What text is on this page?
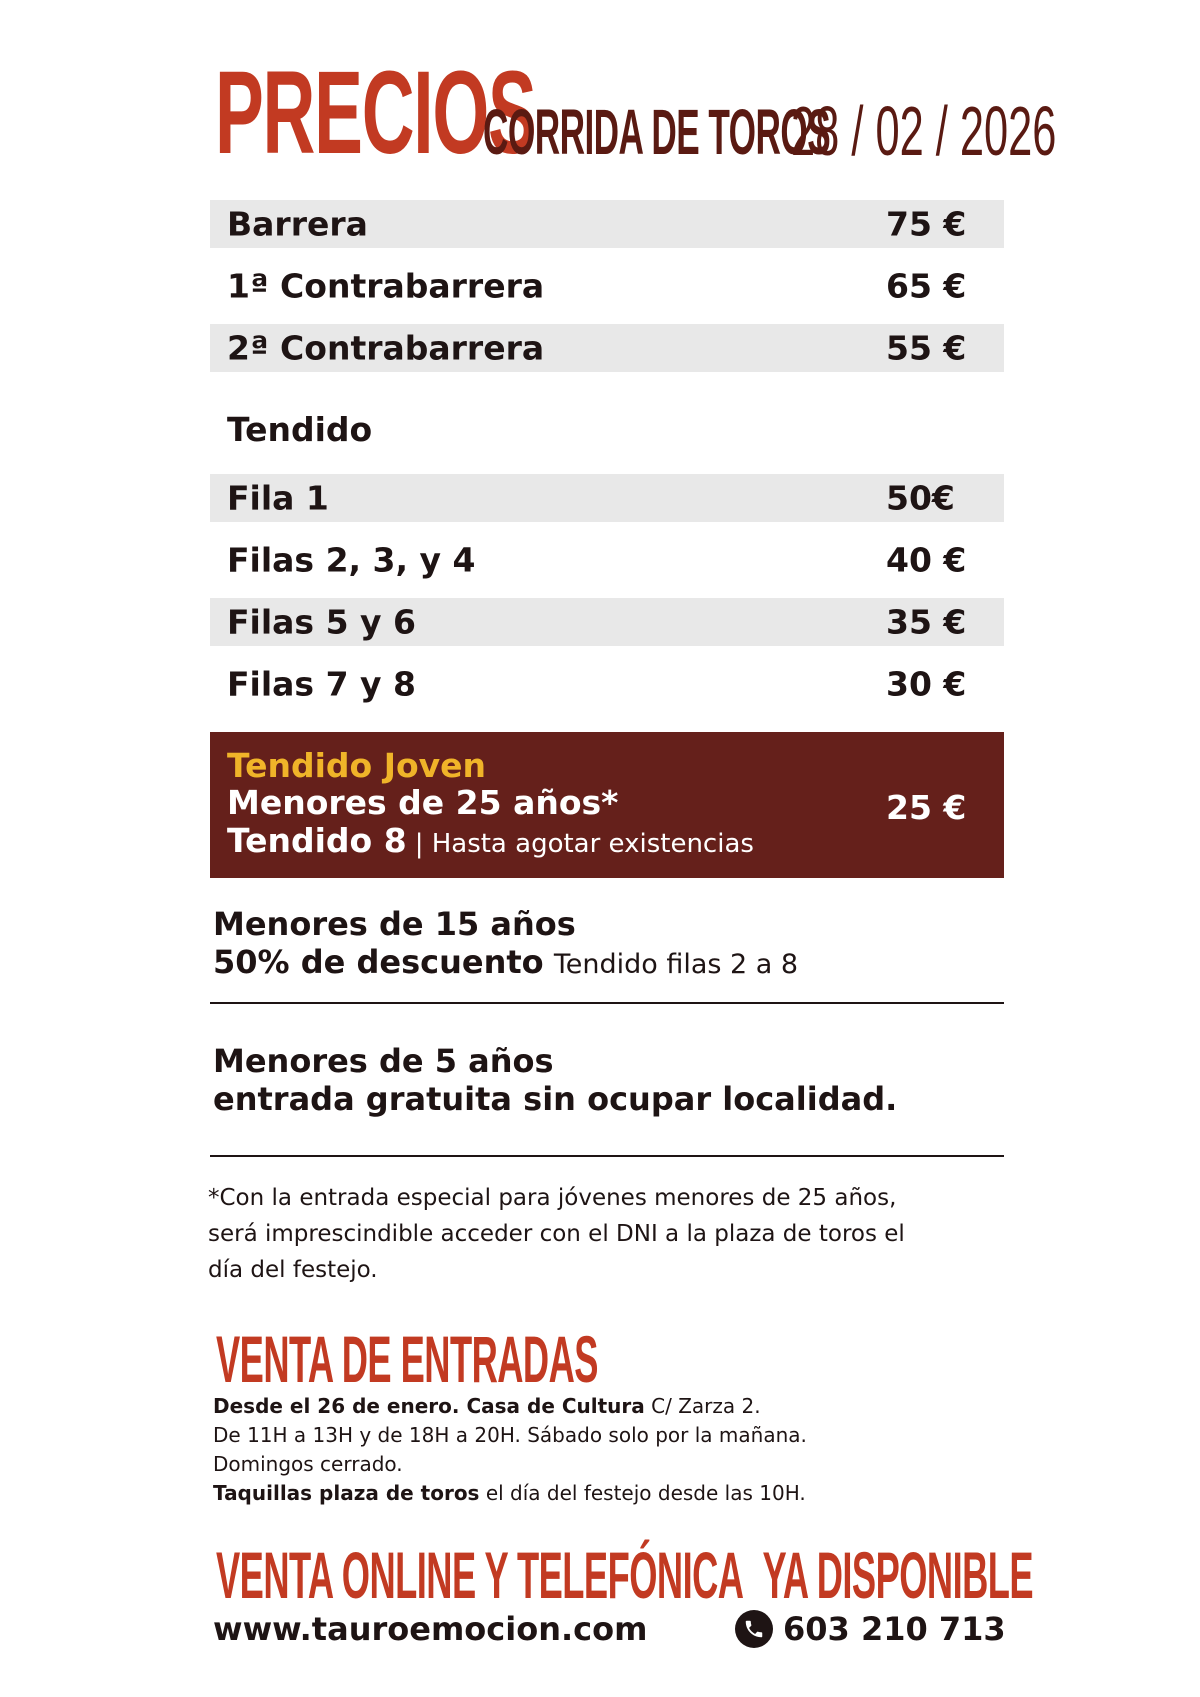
PRECIOS
CORRIDA DE TOROS
28 / 02 / 2026
Barrera	75 €
1ª Contrabarrera	65 €
2ª Contrabarrera	55 €
Tendido
Fila 1	50€
Filas 2, 3, y 4	40 €
Filas 5 y 6	35 €
Filas 7 y 8	30 €
Tendido Joven
Menores de 25 años*
Tendido 8 | Hasta agotar existencias
25 €
Menores de 15 años
50% de descuento Tendido filas 2 a 8
Menores de 5 años
entrada gratuita sin ocupar localidad.
*Con la entrada especial para jóvenes menores de 25 años,
será imprescindible acceder con el DNI a la plaza de toros el
día del festejo.
VENTA DE ENTRADAS
Desde el 26 de enero. Casa de Cultura C/ Zarza 2.
De 11H a 13H y de 18H a 20H. Sábado solo por la mañana.
Domingos cerrado.
Taquillas plaza de toros el día del festejo desde las 10H.
VENTA ONLINE Y TELEFÓNICA YA DISPONIBLE
www.tauroemocion.com	603 210 713
